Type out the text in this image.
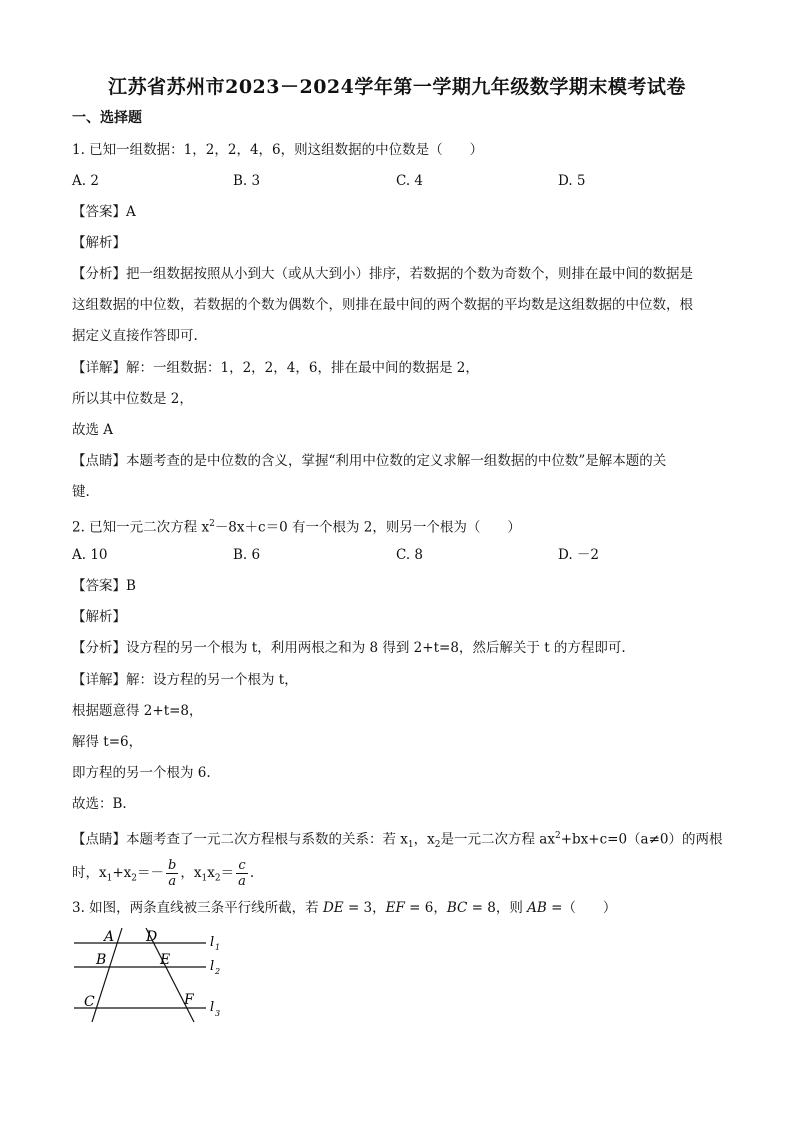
江苏省苏州市2023－2024学年第一学期九年级数学期末模考试卷
一、选择题
1. 已知一组数据：1，2，2，4，6，则这组数据的中位数是（　　）
A. 2	B. 3	C. 4	D. 5
【答案】A
【解析】
【分析】把一组数据按照从小到大（或从大到小）排序，若数据的个数为奇数个，则排在最中间的数据是
这组数据的中位数，若数据的个数为偶数个，则排在最中间的两个数据的平均数是这组数据的中位数，根
据定义直接作答即可.
【详解】解：一组数据：1，2，2，4，6，排在最中间的数据是 2，
所以其中位数是 2，
故选 A
【点睛】本题考查的是中位数的含义，掌握“利用中位数的定义求解一组数据的中位数”是解本题的关
键.
2. 已知一元二次方程 $x^2-8x+c=0$ 有一个根为 2，则另一个根为（　　）
A. 10	B. 6	C. 8	D. －2
【答案】B
【解析】
【分析】设方程的另一个根为 t，利用两根之和为 8 得到 2+t=8，然后解关于 t 的方程即可.
【详解】解：设方程的另一个根为 t，
根据题意得 2+t=8，
解得 t=6，
即方程的另一个根为 6.
故选：B.
【点睛】本题考查了一元二次方程根与系数的关系：若 $x_1$，$x_2$是一元二次方程 $ax^2+bx+c=0(a\ne 0)$的两根
时，$x_1+x_2=- \frac{b}{a}$ ，$x_1x_2= \frac{c}{a}$ .
3. 如图，两条直线被三条平行线所截，若 DE = 3，EF = 6，BC = 8，则 AB =（　　）
A D
B	E
C	F
l 1
l 2
l 3
